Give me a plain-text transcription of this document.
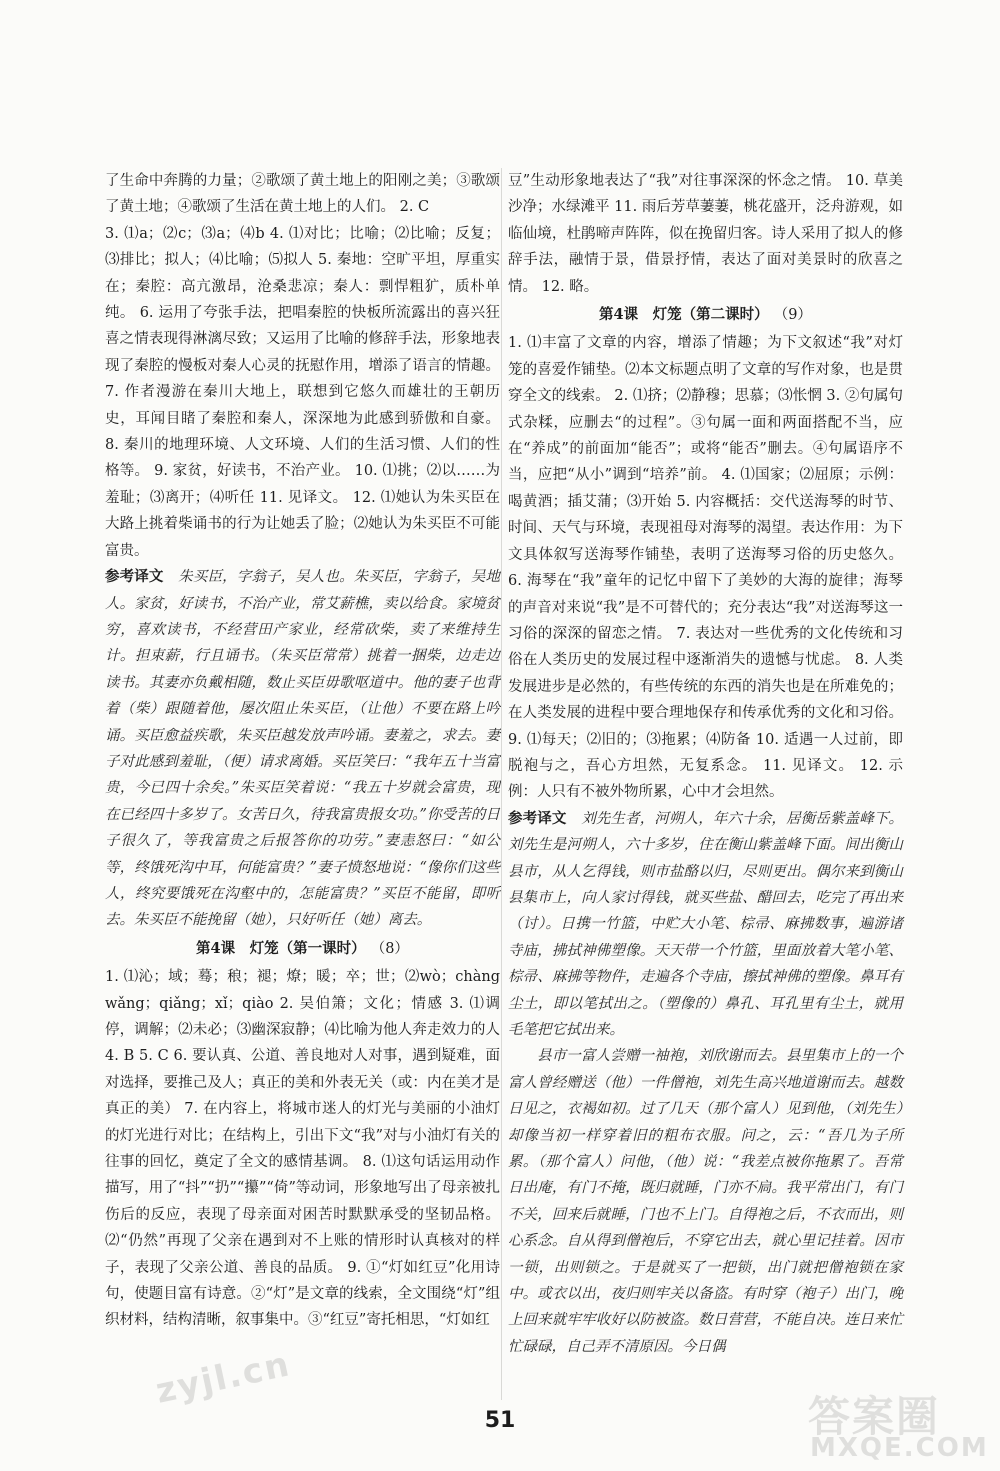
了生命中奔腾的力量；②歌颂了黄土地上的阳刚之美；③歌颂了黄土地；④歌颂了生活在黄土地上的人们。 2. C

3. ⑴a；⑵c；⑶a；⑷b 4. ⑴对比；比喻；⑵比喻；反复；⑶排比；拟人；⑷比喻；⑸拟人 5. 秦地：空旷平坦，厚重实在；秦腔：高亢激昂，沧桑悲凉；秦人：剽悍粗犷，质朴单纯。 6. 运用了夸张手法，把唱秦腔的快板所流露出的喜兴狂喜之情表现得淋漓尽致；又运用了比喻的修辞手法，形象地表现了秦腔的慢板对秦人心灵的抚慰作用，增添了语言的情趣。 7. 作者漫游在秦川大地上，联想到它悠久而雄壮的王朝历史，耳闻目睹了秦腔和秦人，深深地为此感到骄傲和自豪。 8. 秦川的地理环境、人文环境、人们的生活习惯、人们的性格等。 9. 家贫，好读书，不治产业。 10. ⑴挑；⑵以……为羞耻；⑶离开；⑷听任 11. 见译文。 12. ⑴她认为朱买臣在大路上挑着柴诵书的行为让她丢了脸；⑵她认为朱买臣不可能富贵。

参考译文　 朱买臣，字翁子，吴人也。朱买臣，字翁子，吴地人。家贫，好读书，不治产业，常艾薪樵，卖以给食。家境贫穷，喜欢读书，不经营田产家业，经常砍柴，卖了来维持生计。担束薪，行且诵书。（朱买臣常常）挑着一捆柴，边走边读书。其妻亦负戴相随，数止买臣毋歌呕道中。他的妻子也背着（柴）跟随着他，屡次阻止朱买臣，（让他）不要在路上吟诵。买臣愈益疾歌，朱买臣越发放声吟诵。妻羞之，求去。妻子对此感到羞耻，（便）请求离婚。买臣笑曰：“我年五十当富贵，今已四十余矣。”朱买臣笑着说：“我五十岁就会富贵，现在已经四十多岁了。女苦日久，待我富贵报女功。”你受苦的日子很久了，等我富贵之后报答你的功劳。”妻恚怒曰：“如公等，终饿死沟中耳，何能富贵？”妻子愤怒地说：“像你们这些人，终究要饿死在沟壑中的，怎能富贵？”买臣不能留，即听去。朱买臣不能挽留（她），只好听任（她）离去。

第4课　灯笼（第一课时） （8）

1. ⑴沁；域；蓦；稂；褪；燎；暖；卒；世；⑵wò；chàng wǎng；qiǎng；xǐ；qiào 2. 吴伯箫；文化；情感 3. ⑴调停，调解；⑵未必；⑶幽深寂静；⑷比喻为他人奔走效力的人 4. B 5. C 6. 要认真、公道、善良地对人对事，遇到疑难，面对选择，要推己及人；真正的美和外表无关（或：内在美才是真正的美） 7. 在内容上，将城市迷人的灯光与美丽的小油灯的灯光进行对比；在结构上，引出下文“我”对与小油灯有关的往事的回忆，奠定了全文的感情基调。 8. ⑴这句话运用动作描写，用了“抖”“扔”“攥”“倚”等动词，形象地写出了母亲被扎伤后的反应，表现了母亲面对困苦时默默承受的坚韧品格。⑵“仍然”再现了父亲在遇到对不上账的情形时认真核对的样子，表现了父亲公道、善良的品质。 9. ①“灯如红豆”化用诗句，使题目富有诗意。②“灯”是文章的线索，全文围绕“灯”组织材料，结构清晰，叙事集中。③“红豆”寄托相思，“灯如红

豆”生动形象地表达了“我”对往事深深的怀念之情。 10. 草美沙净；水绿滩平 11. 雨后芳草萋萋，桃花盛开，泛舟游观，如临仙境，杜鹃啼声阵阵，似在挽留归客。诗人采用了拟人的修辞手法，融情于景，借景抒情，表达了面对美景时的欣喜之情。 12. 略。

第4课　灯笼（第二课时） （9）

1. ⑴丰富了文章的内容，增添了情趣；为下文叙述“我”对灯笼的喜爱作铺垫。⑵本文标题点明了文章的写作对象，也是贯穿全文的线索。 2. ⑴挤；⑵静穆；思慕；⑶怅惘 3. ②句属句式杂糅，应删去“的过程”。③句属一面和两面搭配不当，应在“养成”的前面加“能否”；或将“能否”删去。④句属语序不当，应把“从小”调到“培养”前。 4. ⑴国家；⑵屈原；示例：喝黄酒；插艾蒲；⑶开始 5. 内容概括：交代送海琴的时节、时间、天气与环境，表现祖母对海琴的渴望。表达作用：为下文具体叙写送海琴作铺垫，表明了送海琴习俗的历史悠久。 6. 海琴在“我”童年的记忆中留下了美妙的大海的旋律；海琴的声音对来说“我”是不可替代的；充分表达“我”对送海琴这一习俗的深深的留恋之情。 7. 表达对一些优秀的文化传统和习俗在人类历史的发展过程中逐渐消失的遗憾与忧虑。 8. 人类发展进步是必然的，有些传统的东西的消失也是在所难免的；在人类发展的进程中要合理地保存和传承优秀的文化和习俗。 9. ⑴每天；⑵旧的；⑶拖累；⑷防备 10. 适遇一人过前，即脱袍与之，吾心方坦然，无复系念。 11. 见译文。 12. 示例：人只有不被外物所累，心中才会坦然。

参考译文　 刘先生者，河朔人，年六十余，居衡岳紫盖峰下。刘先生是河朔人，六十多岁，住在衡山紫盖峰下面。间出衡山县市，从人乞得钱，则市盐酪以归，尽则更出。偶尔来到衡山县集市上，向人家讨得钱，就买些盐、醋回去，吃完了再出来（讨）。日携一竹篮，中贮大小笔、棕帚、麻拂数事，遍游诸寺庙，拂拭神佛塑像。天天带一个竹篮，里面放着大笔小笔、棕帚、麻拂等物件，走遍各个寺庙，擦拭神佛的塑像。鼻耳有尘土，即以笔拭出之。（塑像的）鼻孔、耳孔里有尘土，就用毛笔把它拭出来。

县市一富人尝赠一袖袍，刘欣谢而去。县里集市上的一个富人曾经赠送（他）一件僧袍，刘先生高兴地道谢而去。越数日见之，衣褐如初。过了几天（那个富人）见到他，（刘先生）却像当初一样穿着旧的粗布衣服。问之，云：“吾几为子所累。（那个富人）问他，（他）说：“我差点被你拖累了。吾常日出庵，有门不掩，既归就睡，门亦不扃。我平常出门，有门不关，回来后就睡，门也不上门。自得袍之后，不衣而出，则心系念。自从得到僧袍后，不穿它出去，就心里记挂着。因市一锁，出则锁之。于是就买了一把锁，出门就把僧袍锁在家中。或衣以出，夜归则牢关以备盗。有时穿（袍子）出门，晚上回来就牢牢收好以防被盗。数日营营，不能自决。连日来忙忙碌碌，自己弄不清原因。今日偶

51
zyjl.cn
答案圈
MXQE.COM
